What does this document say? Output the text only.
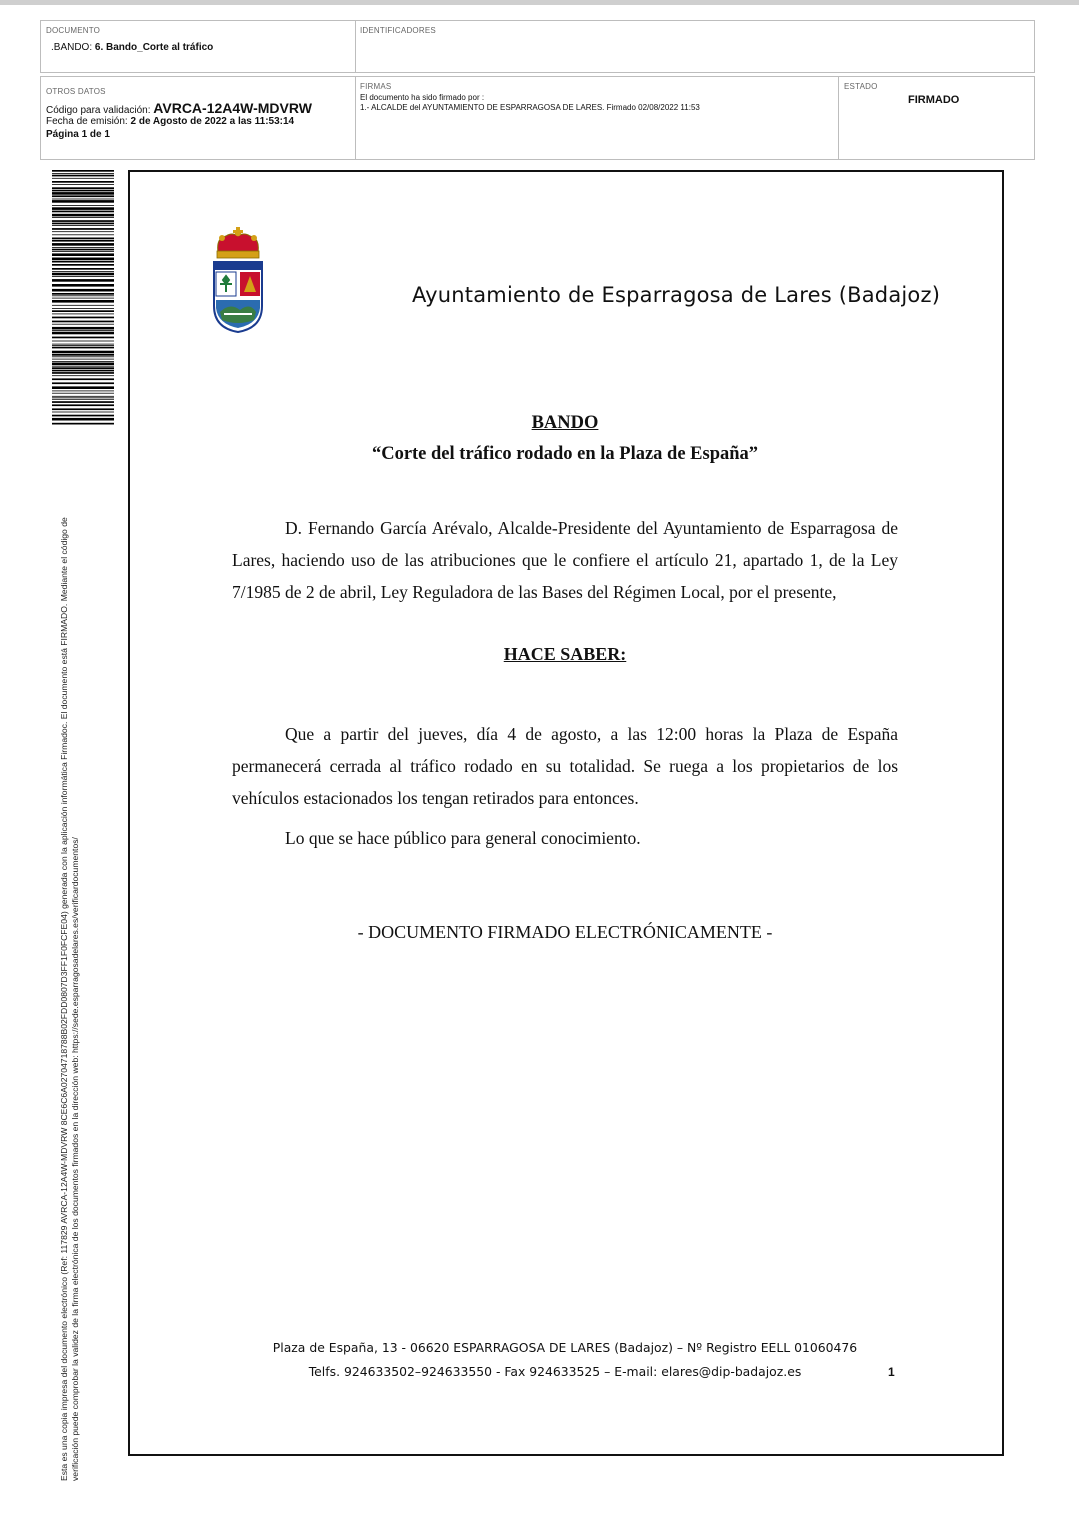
DOCUMENTO
.BANDO: 6. Bando_Corte al tráfico
IDENTIFICADORES
OTROS DATOS
Código para validación: AVRCA-12A4W-MDVRW
Fecha de emisión: 2 de Agosto de 2022 a las 11:53:14
Página 1 de 1
FIRMAS
El documento ha sido firmado por :
1.- ALCALDE del AYUNTAMIENTO DE ESPARRAGOSA DE LARES. Firmado 02/08/2022 11:53
ESTADO
FIRMADO
Esta es una copia impresa del documento electrónico (Ref: 117829 AVRCA-12A4W-MDVRW 8CE6C6A02704718788B02FDD0807D3FF1F0FCFE04) generada con la aplicación informática Firmadoc. El documento está FIRMADO. Mediante el código de verificación puede comprobar la validez de la firma electrónica de los documentos firmados en la dirección web: https://sede.esparragosadelares.es/verificardocumentos/
Ayuntamiento de Esparragosa de Lares (Badajoz)
BANDO
“Corte del tráfico rodado en la Plaza de España”
D. Fernando García Arévalo, Alcalde-Presidente del Ayuntamiento de Esparragosa de Lares, haciendo uso de las atribuciones que le confiere el artículo 21, apartado 1, de la Ley 7/1985 de 2 de abril, Ley Reguladora de las Bases del Régimen Local, por el presente,
HACE SABER:
Que a partir del jueves, día 4 de agosto, a las 12:00 horas la Plaza de España permanecerá cerrada al tráfico rodado en su totalidad. Se ruega a los propietarios de los vehículos estacionados los tengan retirados para entonces.
Lo que se hace público para general conocimiento.
- DOCUMENTO FIRMADO ELECTRÓNICAMENTE -
Plaza de España, 13 - 06620 ESPARRAGOSA DE LARES (Badajoz) – Nº Registro EELL 01060476
Telfs. 924633502–924633550 - Fax 924633525 – E-mail: elares@dip-badajoz.es	1
